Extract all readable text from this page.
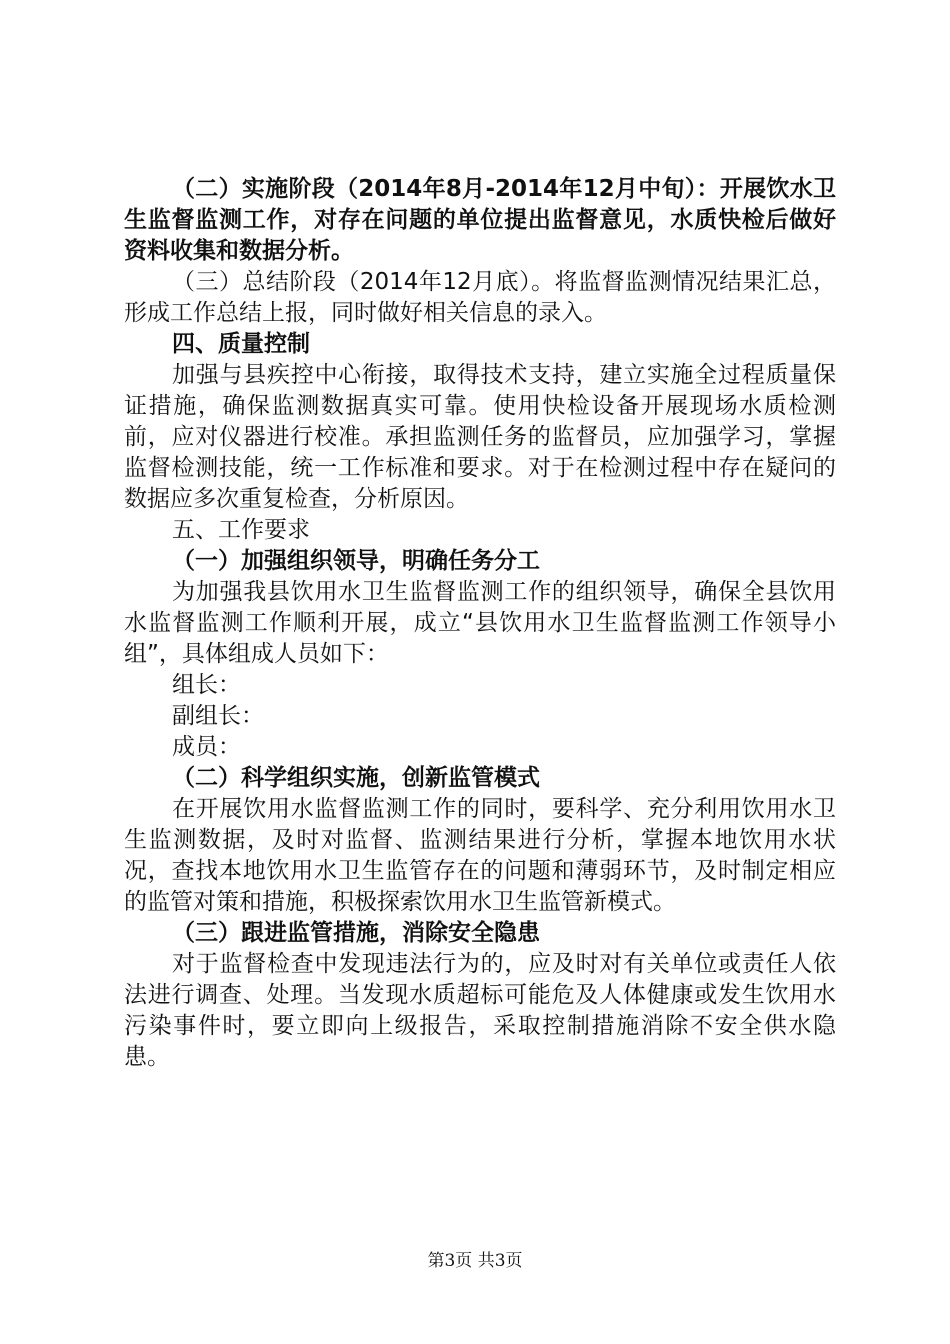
（二）实施阶段（2014年8月-2014年12月中旬）：开展饮水卫生监督监测工作，对存在问题的单位提出监督意见，水质快检后做好资料收集和数据分析。

（三）总结阶段（2014年12月底）。将监督监测情况结果汇总，形成工作总结上报，同时做好相关信息的录入。

四、质量控制

加强与县疾控中心衔接，取得技术支持，建立实施全过程质量保证措施，确保监测数据真实可靠。使用快检设备开展现场水质检测前，应对仪器进行校准。承担监测任务的监督员，应加强学习，掌握监督检测技能，统一工作标准和要求。对于在检测过程中存在疑问的数据应多次重复检查，分析原因。

五、工作要求

（一）加强组织领导，明确任务分工

为加强我县饮用水卫生监督监测工作的组织领导，确保全县饮用水监督监测工作顺利开展，成立“县饮用水卫生监督监测工作领导小组”，具体组成人员如下：

组长：

副组长：

成员：

（二）科学组织实施，创新监管模式

在开展饮用水监督监测工作的同时，要科学、充分利用饮用水卫生监测数据，及时对监督、监测结果进行分析，掌握本地饮用水状况，查找本地饮用水卫生监管存在的问题和薄弱环节，及时制定相应的监管对策和措施，积极探索饮用水卫生监管新模式。

（三）跟进监管措施，消除安全隐患

对于监督检查中发现违法行为的，应及时对有关单位或责任人依法进行调查、处理。当发现水质超标可能危及人体健康或发生饮用水污染事件时，要立即向上级报告，采取控制措施消除不安全供水隐患。

第3页 共3页
